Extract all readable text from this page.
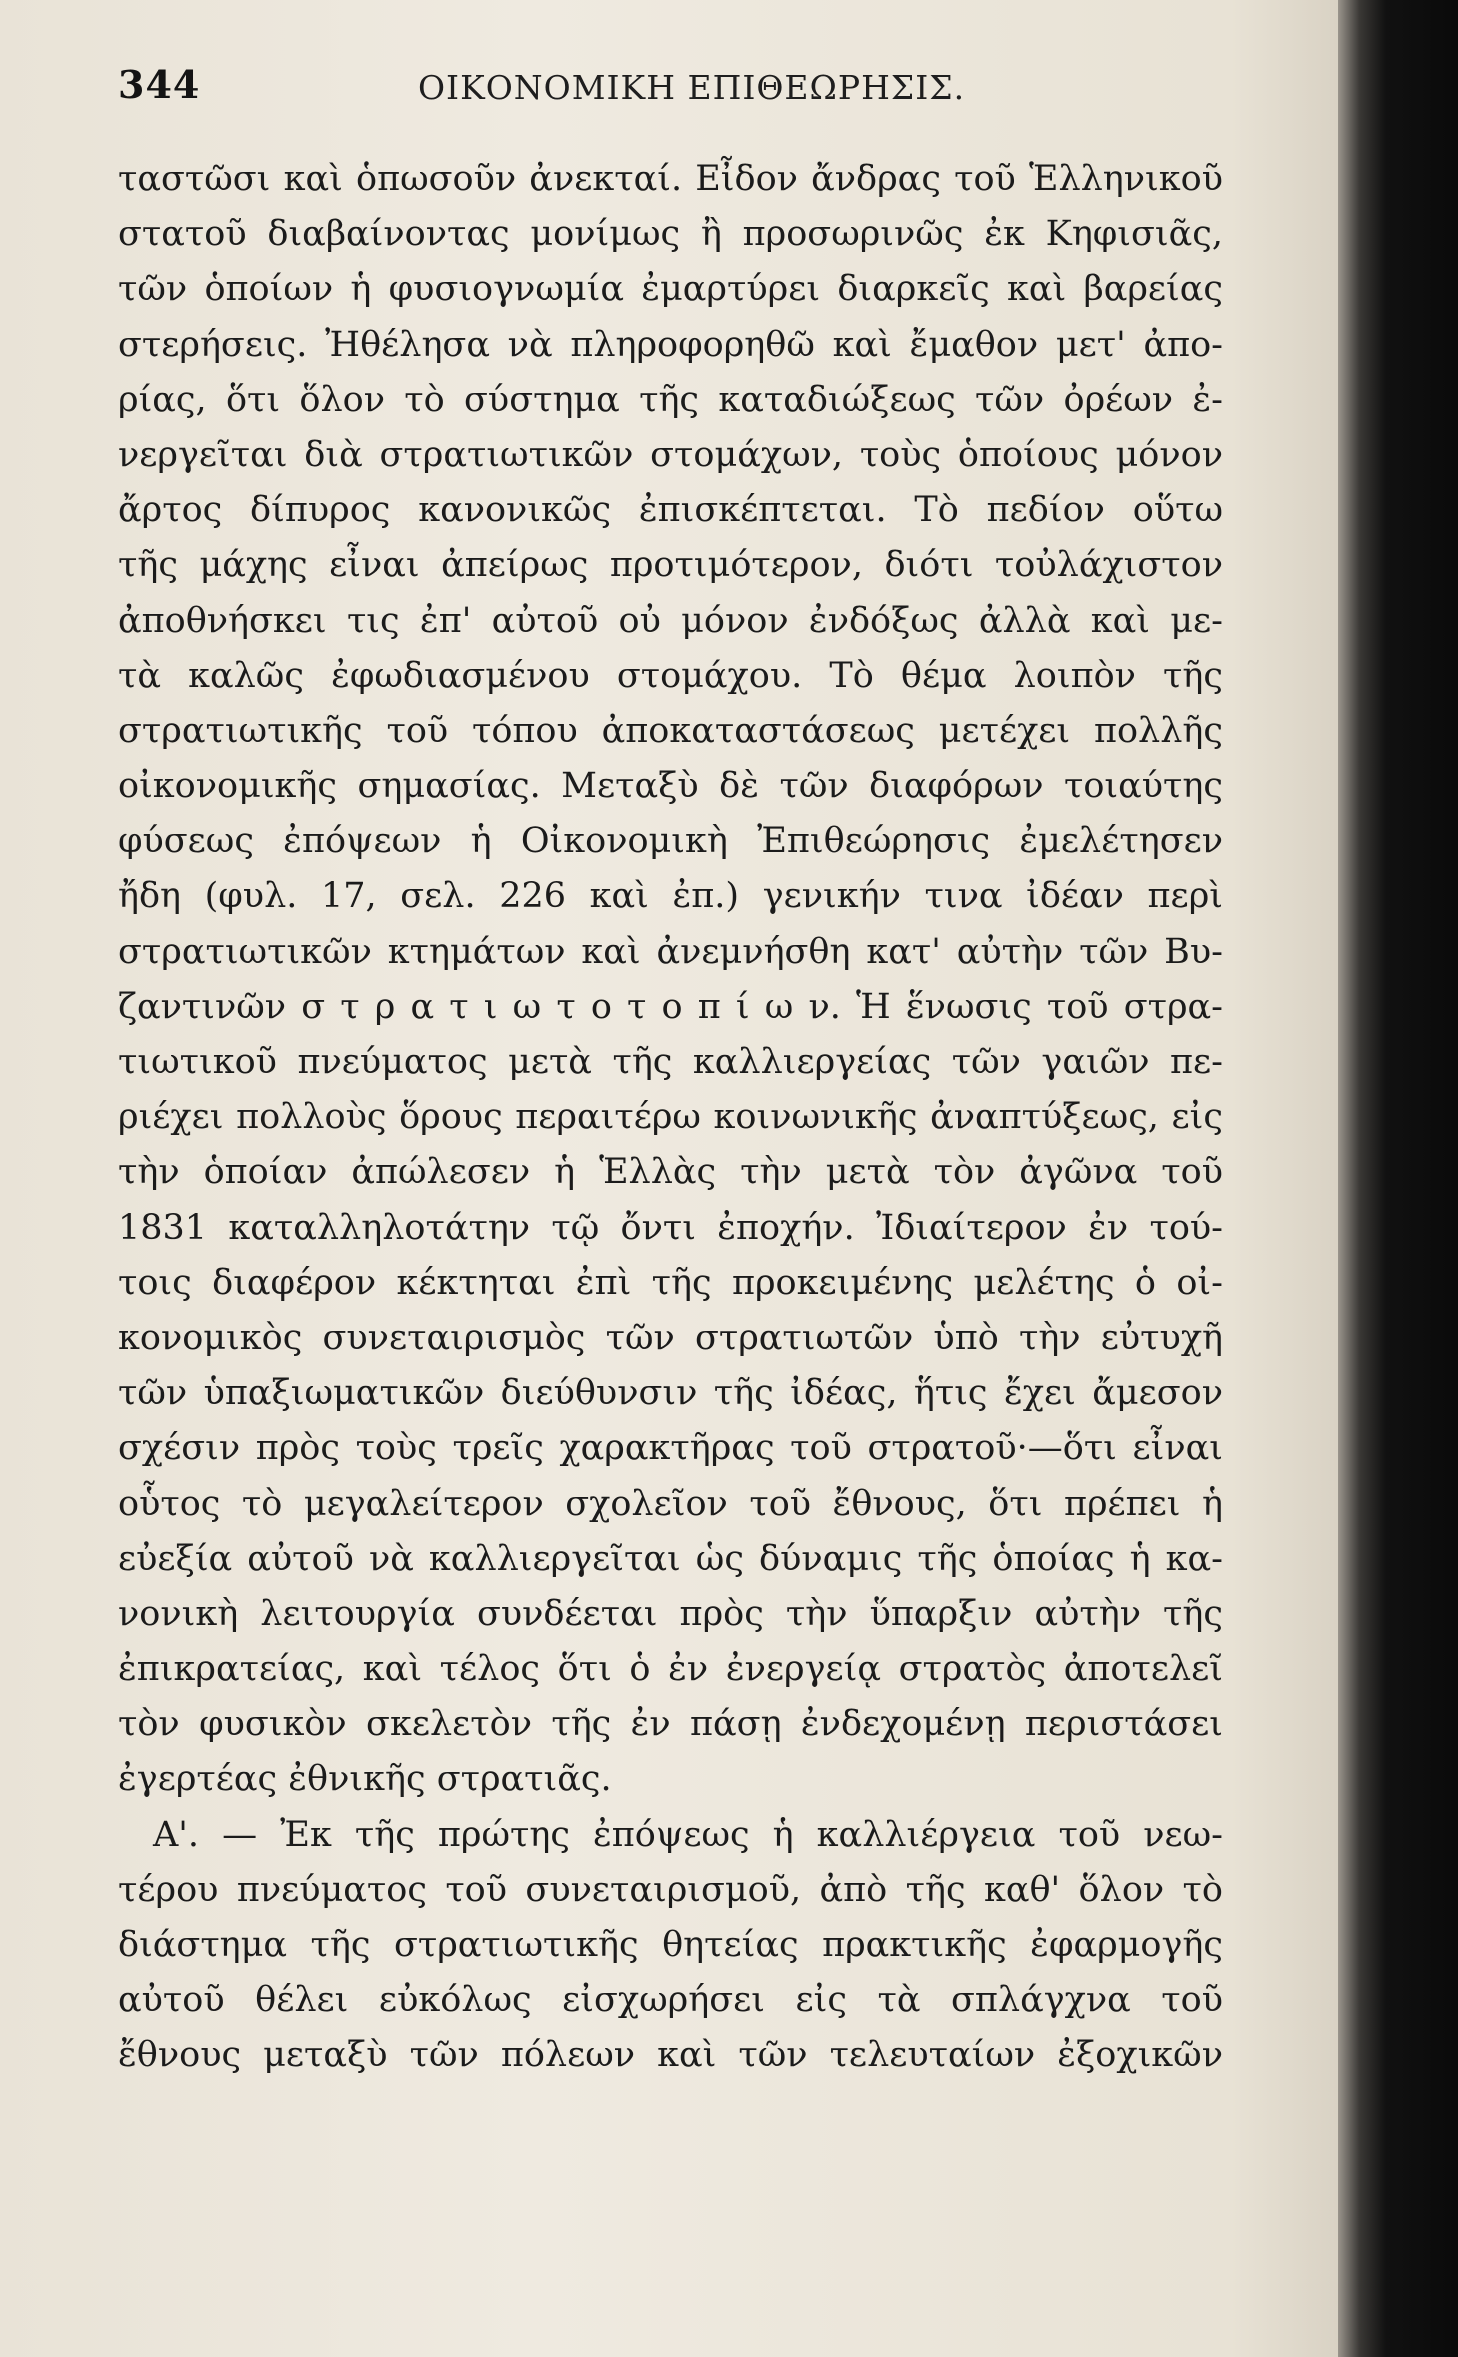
344	ΟΙΚΟΝΟΜΙΚΗ ΕΠΙΘΕΩΡΗΣΙΣ.
ταστῶσι καὶ ὁπωσοῦν ἀνεκταί. Εἶδον ἄνδρας τοῦ Ἑλληνικοῦ
στατοῦ διαβαίνοντας μονίμως ἢ προσωρινῶς ἐκ Κηφισιᾶς,
τῶν ὁποίων ἡ φυσιογνωμία ἐμαρτύρει διαρκεῖς καὶ βαρείας
στερήσεις. Ἠθέλησα νὰ πληροφορηθῶ καὶ ἔμαθον μετ' ἀπο-
ρίας, ὅτι ὅλον τὸ σύστημα τῆς καταδιώξεως τῶν ὀρέων ἐ-
νεργεῖται διὰ στρατιωτικῶν στομάχων, τοὺς ὁποίους μόνον
ἄρτος δίπυρος κανονικῶς ἐπισκέπτεται. Τὸ πεδίον οὕτω
τῆς μάχης εἶναι ἀπείρως προτιμότερον, διότι τοὐλάχιστον
ἀποθνήσκει τις ἐπ' αὐτοῦ οὐ μόνον ἐνδόξως ἀλλὰ καὶ με-
τὰ καλῶς ἐφωδιασμένου στομάχου. Τὸ θέμα λοιπὸν τῆς
στρατιωτικῆς τοῦ τόπου ἀποκαταστάσεως μετέχει πολλῆς
οἰκονομικῆς σημασίας. Μεταξὺ δὲ τῶν διαφόρων τοιαύτης
φύσεως ἐπόψεων ἡ Οἰκονομικὴ Ἐπιθεώρησις ἐμελέτησεν
ἤδη (φυλ. 17, σελ. 226 καὶ ἐπ.) γενικήν τινα ἰδέαν περὶ
στρατιωτικῶν κτημάτων καὶ ἀνεμνήσθη κατ' αὐτὴν τῶν Βυ-
ζαντινῶν σ τ ρ α τ ι ω τ ο τ ο π ί ω ν. Ἡ ἕνωσις τοῦ στρα-
τιωτικοῦ πνεύματος μετὰ τῆς καλλιεργείας τῶν γαιῶν πε-
ριέχει πολλοὺς ὅρους περαιτέρω κοινωνικῆς ἀναπτύξεως, εἰς
τὴν ὁποίαν ἀπώλεσεν ἡ Ἑλλὰς τὴν μετὰ τὸν ἀγῶνα τοῦ
1831 καταλληλοτάτην τῷ ὄντι ἐποχήν. Ἰδιαίτερον ἐν τού-
τοις διαφέρον κέκτηται ἐπὶ τῆς προκειμένης μελέτης ὁ οἰ-
κονομικὸς συνεταιρισμὸς τῶν στρατιωτῶν ὑπὸ τὴν εὐτυχῆ
τῶν ὑπαξιωματικῶν διεύθυνσιν τῆς ἰδέας, ἥτις ἔχει ἄμεσον
σχέσιν πρὸς τοὺς τρεῖς χαρακτῆρας τοῦ στρατοῦ·—ὅτι εἶναι
οὗτος τὸ μεγαλείτερον σχολεῖον τοῦ ἔθνους, ὅτι πρέπει ἡ
εὐεξία αὐτοῦ νὰ καλλιεργεῖται ὡς δύναμις τῆς ὁποίας ἡ κα-
νονικὴ λειτουργία συνδέεται πρὸς τὴν ὕπαρξιν αὐτὴν τῆς
ἐπικρατείας, καὶ τέλος ὅτι ὁ ἐν ἐνεργείᾳ στρατὸς ἀποτελεῖ
τὸν φυσικὸν σκελετὸν τῆς ἐν πάσῃ ἐνδεχομένῃ περιστάσει
ἐγερτέας ἐθνικῆς στρατιᾶς.
Α'. — Ἐκ τῆς πρώτης ἐπόψεως ἡ καλλιέργεια τοῦ νεω-
τέρου πνεύματος τοῦ συνεταιρισμοῦ, ἀπὸ τῆς καθ' ὅλον τὸ
διάστημα τῆς στρατιωτικῆς θητείας πρακτικῆς ἐφαρμογῆς
αὐτοῦ θέλει εὐκόλως εἰσχωρήσει εἰς τὰ σπλάγχνα τοῦ
ἔθνους μεταξὺ τῶν πόλεων καὶ τῶν τελευταίων ἐξοχικῶν
